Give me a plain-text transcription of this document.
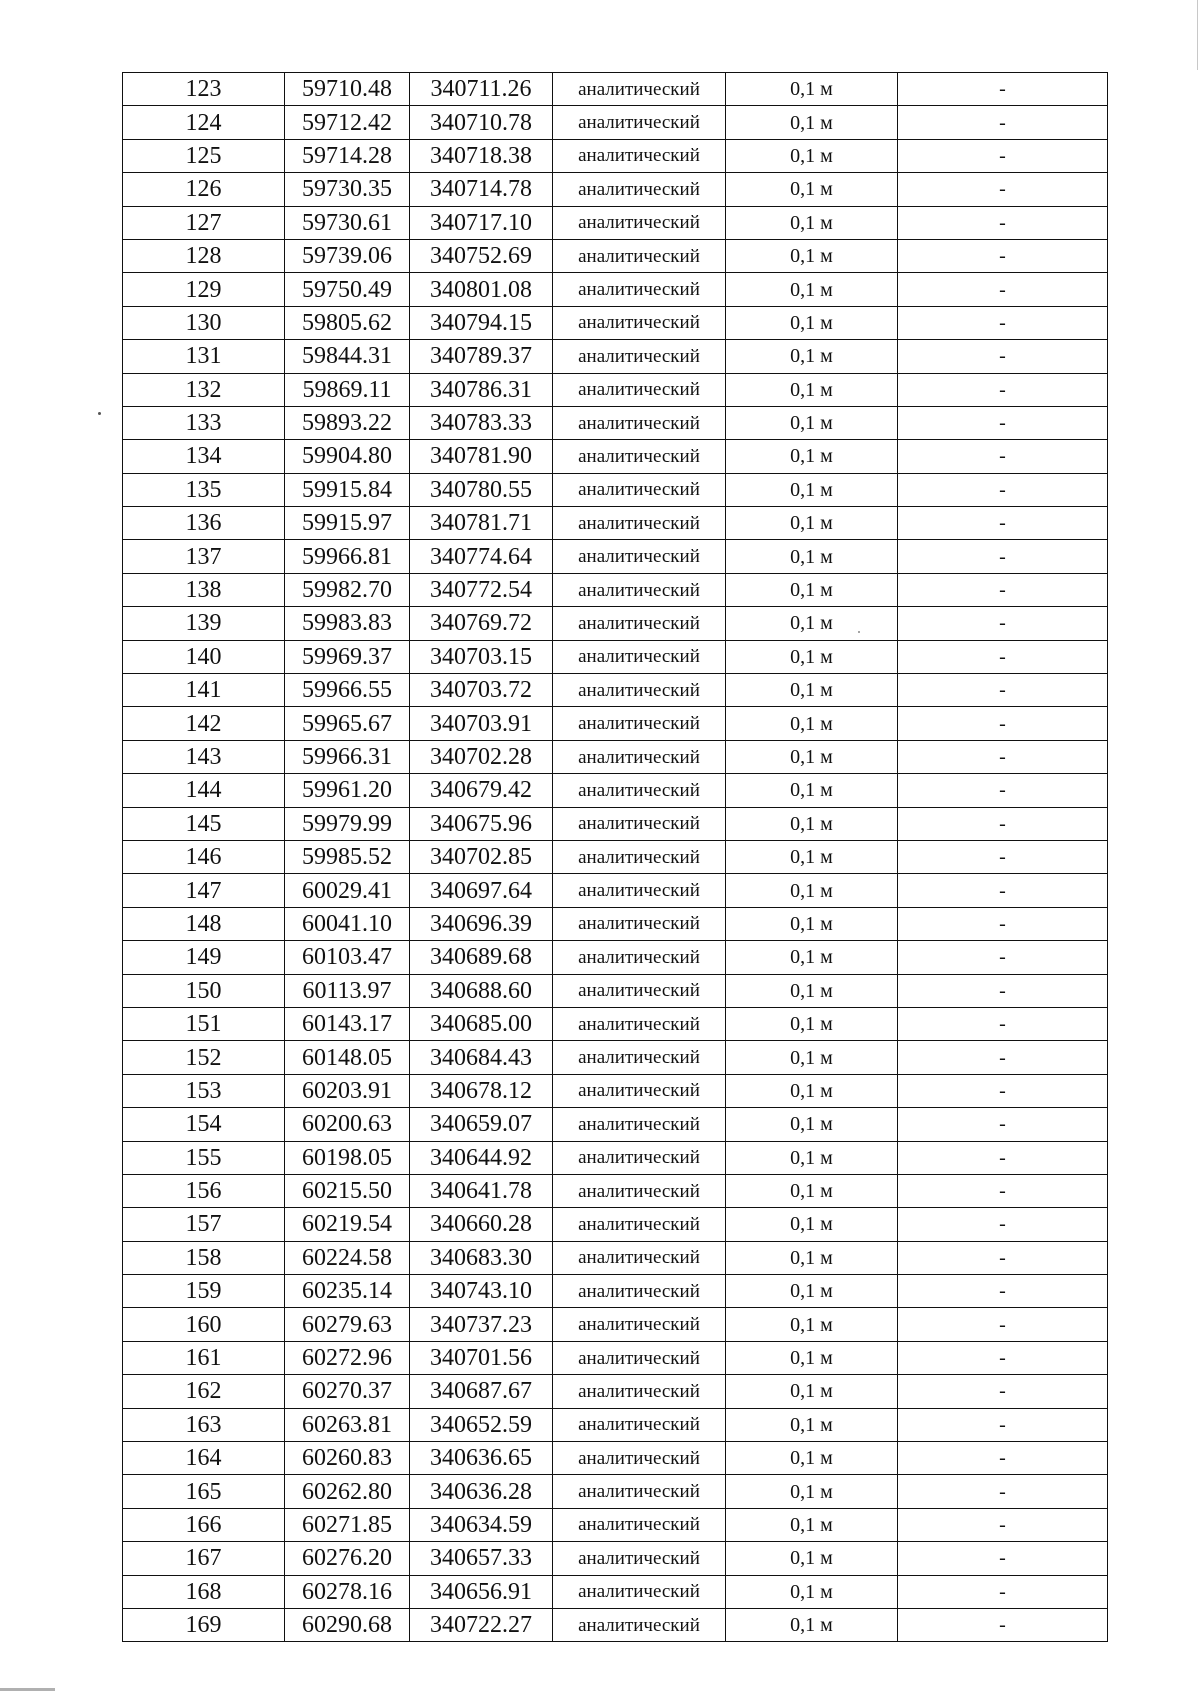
123	59710.48	340711.26	аналитический	0,1 м	-
124	59712.42	340710.78	аналитический	0,1 м	-
125	59714.28	340718.38	аналитический	0,1 м	-
126	59730.35	340714.78	аналитический	0,1 м	-
127	59730.61	340717.10	аналитический	0,1 м	-
128	59739.06	340752.69	аналитический	0,1 м	-
129	59750.49	340801.08	аналитический	0,1 м	-
130	59805.62	340794.15	аналитический	0,1 м	-
131	59844.31	340789.37	аналитический	0,1 м	-
132	59869.11	340786.31	аналитический	0,1 м	-
133	59893.22	340783.33	аналитический	0,1 м	-
134	59904.80	340781.90	аналитический	0,1 м	-
135	59915.84	340780.55	аналитический	0,1 м	-
136	59915.97	340781.71	аналитический	0,1 м	-
137	59966.81	340774.64	аналитический	0,1 м	-
138	59982.70	340772.54	аналитический	0,1 м	-
139	59983.83	340769.72	аналитический	0,1 м	-
140	59969.37	340703.15	аналитический	0,1 м	-
141	59966.55	340703.72	аналитический	0,1 м	-
142	59965.67	340703.91	аналитический	0,1 м	-
143	59966.31	340702.28	аналитический	0,1 м	-
144	59961.20	340679.42	аналитический	0,1 м	-
145	59979.99	340675.96	аналитический	0,1 м	-
146	59985.52	340702.85	аналитический	0,1 м	-
147	60029.41	340697.64	аналитический	0,1 м	-
148	60041.10	340696.39	аналитический	0,1 м	-
149	60103.47	340689.68	аналитический	0,1 м	-
150	60113.97	340688.60	аналитический	0,1 м	-
151	60143.17	340685.00	аналитический	0,1 м	-
152	60148.05	340684.43	аналитический	0,1 м	-
153	60203.91	340678.12	аналитический	0,1 м	-
154	60200.63	340659.07	аналитический	0,1 м	-
155	60198.05	340644.92	аналитический	0,1 м	-
156	60215.50	340641.78	аналитический	0,1 м	-
157	60219.54	340660.28	аналитический	0,1 м	-
158	60224.58	340683.30	аналитический	0,1 м	-
159	60235.14	340743.10	аналитический	0,1 м	-
160	60279.63	340737.23	аналитический	0,1 м	-
161	60272.96	340701.56	аналитический	0,1 м	-
162	60270.37	340687.67	аналитический	0,1 м	-
163	60263.81	340652.59	аналитический	0,1 м	-
164	60260.83	340636.65	аналитический	0,1 м	-
165	60262.80	340636.28	аналитический	0,1 м	-
166	60271.85	340634.59	аналитический	0,1 м	-
167	60276.20	340657.33	аналитический	0,1 м	-
168	60278.16	340656.91	аналитический	0,1 м	-
169	60290.68	340722.27	аналитический	0,1 м	-
